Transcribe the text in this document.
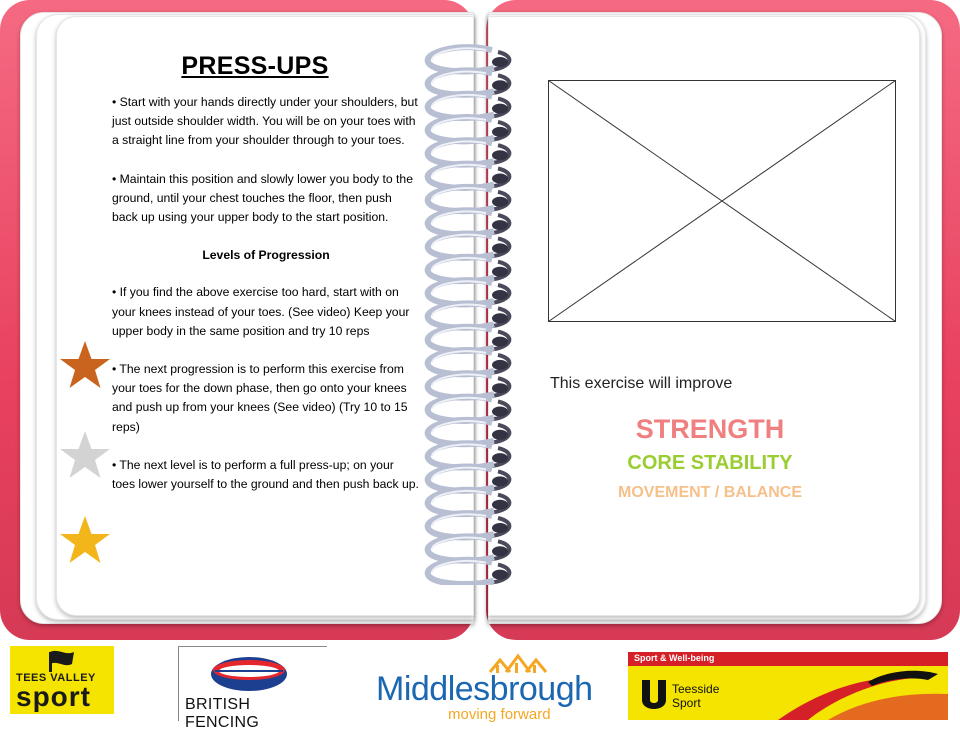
PRESS-UPS

• Start with your hands directly under your shoulders, but just outside shoulder width. You will be on your toes with a straight line from your shoulder through to your toes.

• Maintain this position and slowly lower you body to the ground, until your chest touches the floor, then push back up using your upper body to the start position.

Levels of Progression

• If you find the above exercise too hard, start with on your knees instead of your toes. (See video) Keep your upper body in the same position and try 10 reps

• The next progression is to perform this exercise from your toes for the down phase, then go onto your knees and push up from your knees (See video) (Try 10 to 15 reps)

• The next level is to perform a full press-up; on your toes lower yourself to the ground and then push back up.

This exercise will improve
STRENGTH
CORE STABILITY
MOVEMENT / BALANCE
TEES VALLEY
sport	BRITISH FENCING
Middlesbrough
moving forward
Sport & Well-being
Teesside
Sport
